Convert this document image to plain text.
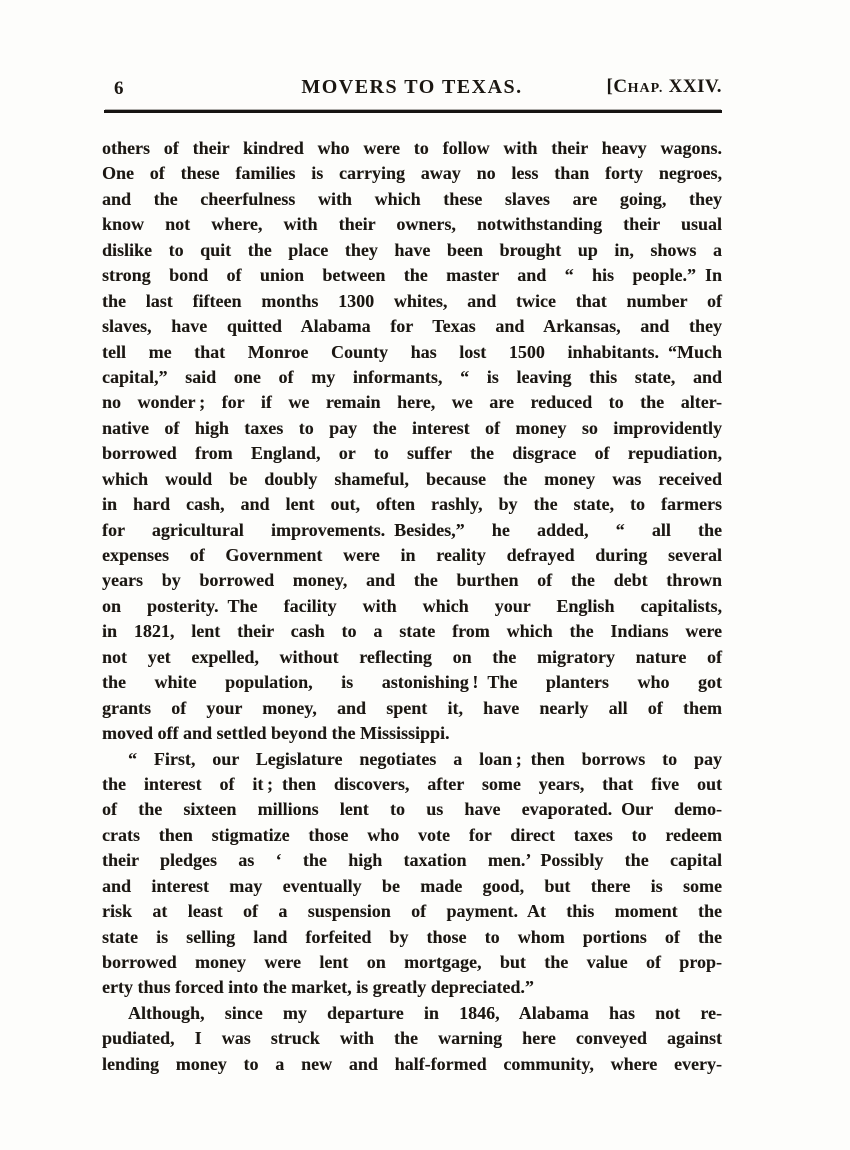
6	MOVERS TO TEXAS.	[CHAP. XXIV.
others of their kindred who were to follow with their heavy wagons.
One of these families is carrying away no less than forty negroes,
and the cheerfulness with which these slaves are going, they
know not where, with their owners, notwithstanding their usual
dislike to quit the place they have been brought up in, shows a
strong bond of union between the master and “ his people.” In
the last fifteen months 1300 whites, and twice that number of
slaves, have quitted Alabama for Texas and Arkansas, and they
tell me that Monroe County has lost 1500 inhabitants. “Much
capital,” said one of my informants, “ is leaving this state, and
no wonder ; for if we remain here, we are reduced to the alter-
native of high taxes to pay the interest of money so improvidently
borrowed from England, or to suffer the disgrace of repudiation,
which would be doubly shameful, because the money was received
in hard cash, and lent out, often rashly, by the state, to farmers
for agricultural improvements. Besides,” he added, “ all the
expenses of Government were in reality defrayed during several
years by borrowed money, and the burthen of the debt thrown
on posterity. The facility with which your English capitalists,
in 1821, lent their cash to a state from which the Indians were
not yet expelled, without reflecting on the migratory nature of
the white population, is astonishing ! The planters who got
grants of your money, and spent it, have nearly all of them
moved off and settled beyond the Mississippi.
“ First, our Legislature negotiates a loan ; then borrows to pay
the interest of it ; then discovers, after some years, that five out
of the sixteen millions lent to us have evaporated. Our demo-
crats then stigmatize those who vote for direct taxes to redeem
their pledges as ‘ the high taxation men.’ Possibly the capital
and interest may eventually be made good, but there is some
risk at least of a suspension of payment. At this moment the
state is selling land forfeited by those to whom portions of the
borrowed money were lent on mortgage, but the value of prop-
erty thus forced into the market, is greatly depreciated.”
Although, since my departure in 1846, Alabama has not re-
pudiated, I was struck with the warning here conveyed against
lending money to a new and half-formed community, where every-
